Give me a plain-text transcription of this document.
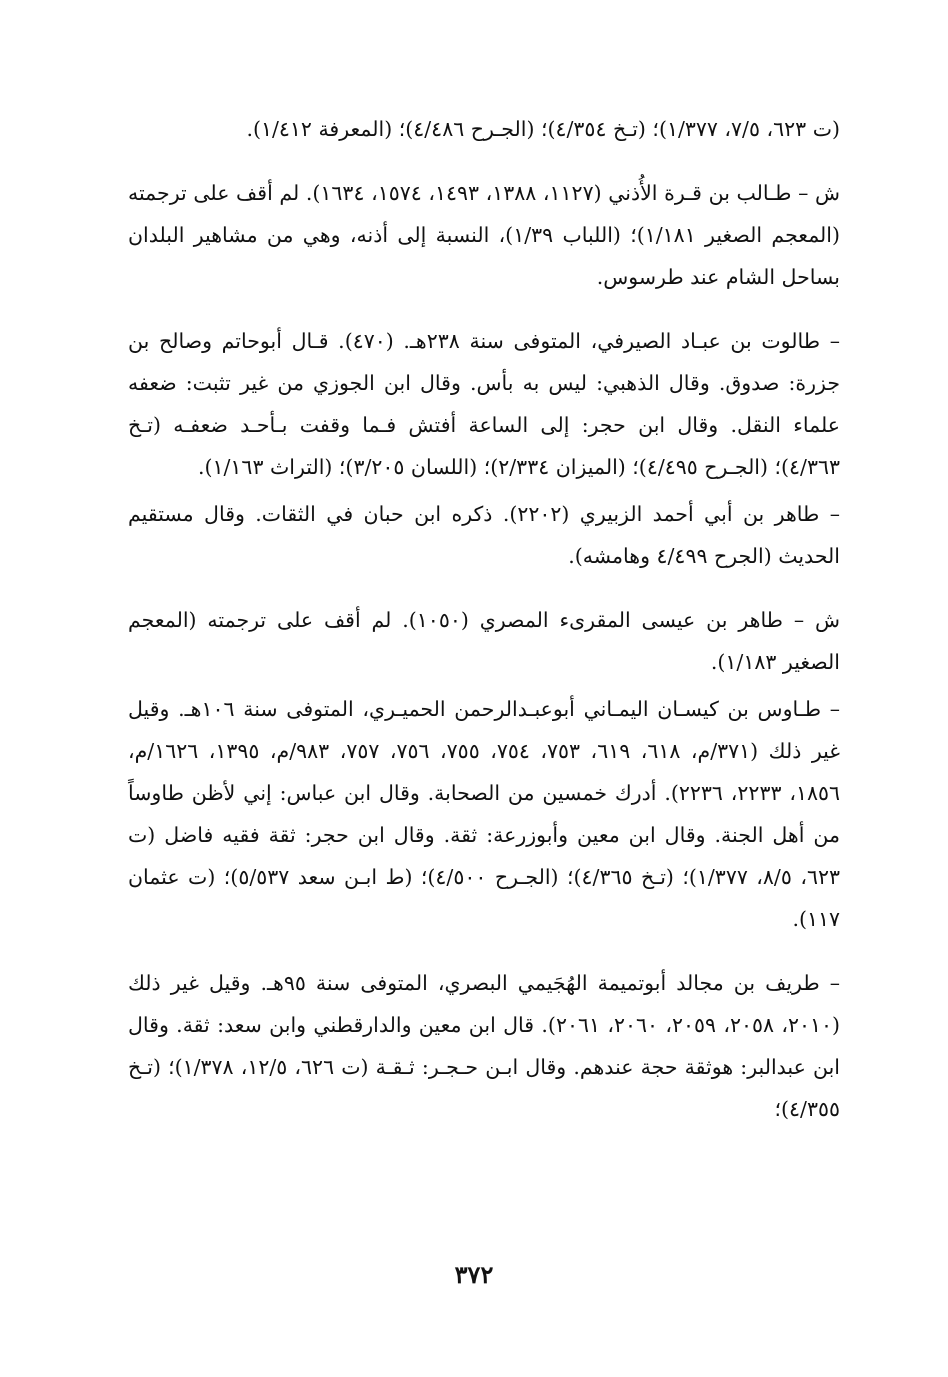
(ت ٦٢٣، ٧/٥، ١/٣٧٧)؛ (تـخ ٤/٣٥٤)؛ (الجـرح ٤/٤٨٦)؛ (المعرفة ١/٤١٢).

ش – طـالب بن قـرة الأُذني (١١٢٧، ١٣٨٨، ١٤٩٣، ١٥٧٤، ١٦٣٤). لم أقف على ترجمته (المعجم الصغير ١/١٨١)؛ (اللباب ١/٣٩)، النسبة إلى أذنه، وهي من مشاهير البلدان بساحل الشام عند طرسوس.

– طالوت بن عبـاد الصيرفي، المتوفى سنة ٢٣٨هـ. (٤٧٠). قـال أبوحاتم وصالح بن جزرة: صدوق. وقال الذهبي: ليس به بأس. وقال ابن الجوزي من غير تثبت: ضعفه علماء النقل. وقال ابن حجر: إلى الساعة أفتش فـما وقفت بـأحـد ضعفـه (تـخ ٤/٣٦٣)؛ (الجـرح ٤/٤٩٥)؛ (الميزان ٢/٣٣٤)؛ (اللسان ٣/٢٠٥)؛ (التراث ١/١٦٣).

– طاهر بن أبي أحمد الزبيري (٢٢٠٢). ذكره ابن حبان في الثقات. وقال مستقيم الحديث (الجرح ٤/٤٩٩ وهامشه).

ش – طاهر بن عيسى المقرىء المصري (١٠٥٠). لم أقف على ترجمته (المعجم الصغير ١/١٨٣).

– طـاوس بن كيسـان اليمـاني أبوعبـدالرحمن الحميـري، المتوفى سنة ١٠٦هـ. وقيل غير ذلك (٣٧١/م، ٦١٨، ٦١٩، ٧٥٣، ٧٥٤، ٧٥٥، ٧٥٦، ٧٥٧، ٩٨٣/م، ١٣٩٥، ١٦٢٦/م، ١٨٥٦، ٢٢٣٣، ٢٢٣٦). أدرك خمسين من الصحابة. وقال ابن عباس: إني لأظن طاوساً من أهل الجنة. وقال ابن معين وأبوزرعة: ثقة. وقال ابن حجر: ثقة فقيه فاضل (ت ٦٢٣، ٨/٥، ١/٣٧٧)؛ (تـخ ٤/٣٦٥)؛ (الجـرح ٤/٥٠٠)؛ (ط ابـن سعد ٥/٥٣٧)؛ (ت عثمان ١١٧).

– طريف بن مجالد أبوتميمة الهُجَيمي البصري، المتوفى سنة ٩٥هـ. وقيل غير ذلك (٢٠١٠، ٢٠٥٨، ٢٠٥٩، ٢٠٦٠، ٢٠٦١). قال ابن معين والدارقطني وابن سعد: ثقة. وقال ابن عبدالبر: هوثقة حجة عندهم. وقال ابـن حـجـر: ثـقـة (ت ٦٢٦، ١٢/٥، ١/٣٧٨)؛ (تـخ ٤/٣٥٥)؛

٣٧٢
